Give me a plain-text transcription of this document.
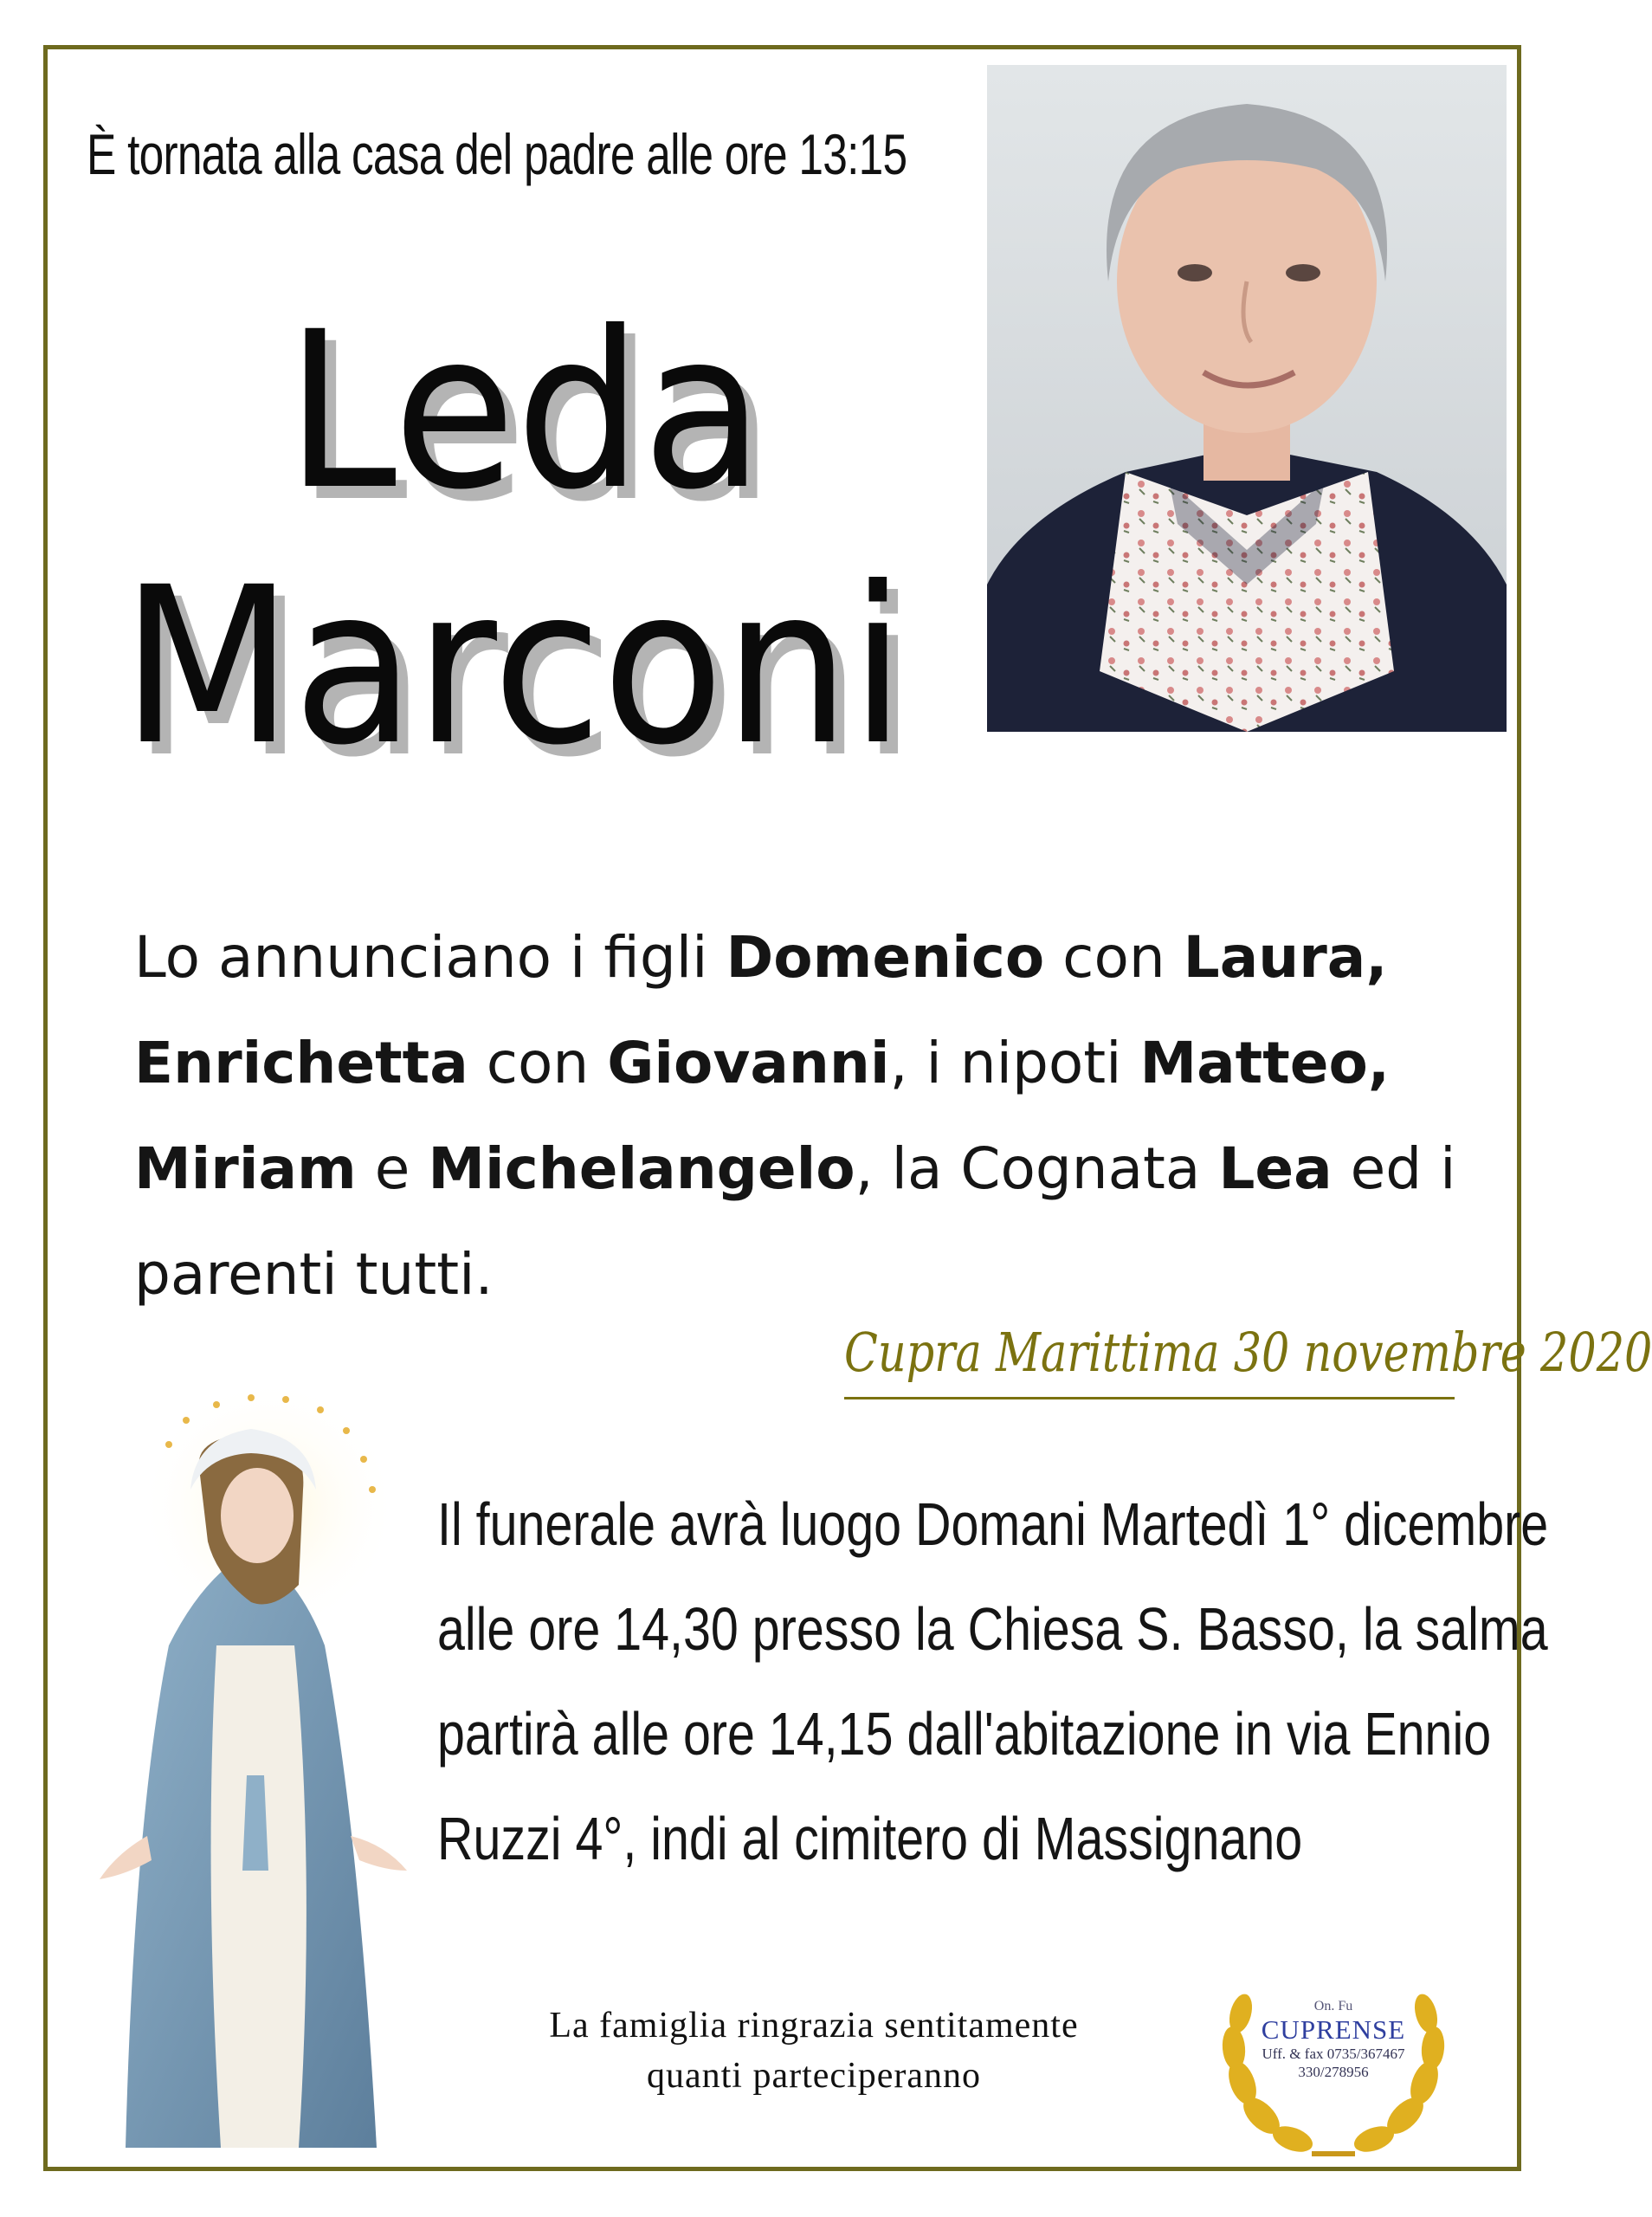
È tornata alla casa del padre alle ore 13:15
Leda
Marconi
Lo annunciano i figli Domenico con Laura, Enrichetta con Giovanni, i nipoti Matteo, Miriam e Michelangelo, la Cognata Lea ed i parenti tutti.
Cupra Marittima 30 novembre 2020
Il funerale avrà luogo Domani Martedì 1° dicembre
alle ore 14,30 presso la Chiesa S. Basso, la salma
partirà alle ore 14,15 dall'abitazione in via Ennio
Ruzzi 4°, indi al cimitero di Massignano
La famiglia ringrazia sentitamente
quanti parteciperanno
On. Fu
CUPRENSE
Uff. & fax 0735/367467
330/278956
